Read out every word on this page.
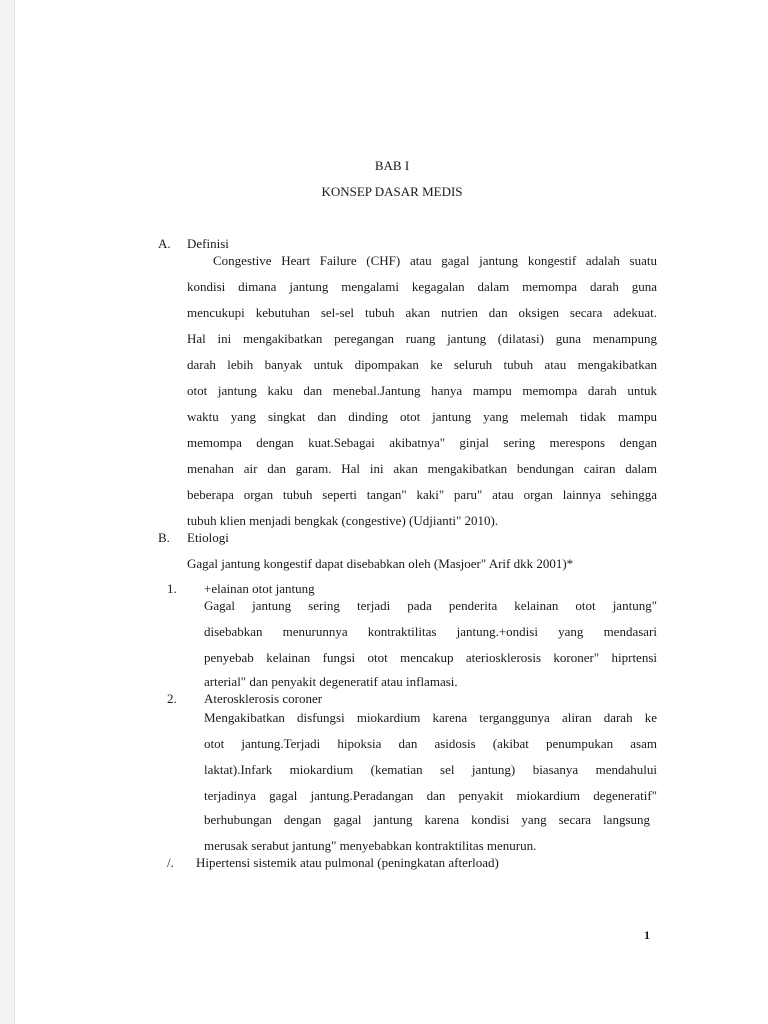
BAB I
KONSEP DASAR MEDIS
A. Definisi
Congestive Heart Failure (CHF) atau gagal jantung kongestif adalah suatu
kondisi dimana jantung mengalami kegagalan dalam memompa darah guna
mencukupi kebutuhan sel-sel tubuh akan nutrien dan oksigen secara adekuat.
Hal ini mengakibatkan peregangan ruang jantung (dilatasi) guna menampung
darah lebih banyak untuk dipompakan ke seluruh tubuh atau mengakibatkan
otot jantung kaku dan menebal.Jantung hanya mampu memompa darah untuk
waktu yang singkat dan dinding otot jantung yang melemah tidak mampu
memompa dengan kuat.Sebagai akibatnya" ginjal sering merespons dengan
menahan air dan garam. Hal ini akan mengakibatkan bendungan cairan dalam
beberapa organ tubuh seperti tangan" kaki" paru" atau organ lainnya sehingga
tubuh klien menjadi bengkak (congestive) (Udjianti" 2010).
B. Etiologi
Gagal jantung kongestif dapat disebabkan oleh (Masjoer" Arif dkk 2001)*
1. +elainan otot jantung
Gagal jantung sering terjadi pada penderita kelainan otot jantung"
disebabkan menurunnya kontraktilitas jantung.+ondisi yang mendasari
penyebab kelainan fungsi otot mencakup ateriosklerosis koroner" hiprtensi
arterial" dan penyakit degeneratif atau inflamasi.
2. Aterosklerosis coroner
Mengakibatkan disfungsi miokardium karena terganggunya aliran darah ke
otot jantung.Terjadi hipoksia dan asidosis (akibat penumpukan asam
laktat).Infark miokardium (kematian sel jantung) biasanya mendahului
terjadinya gagal jantung.Peradangan dan penyakit miokardium degeneratif"
berhubungan dengan gagal jantung karena kondisi yang secara langsung
merusak serabut jantung" menyebabkan kontraktilitas menurun.
/. Hipertensi sistemik atau pulmonal (peningkatan afterload)
1
